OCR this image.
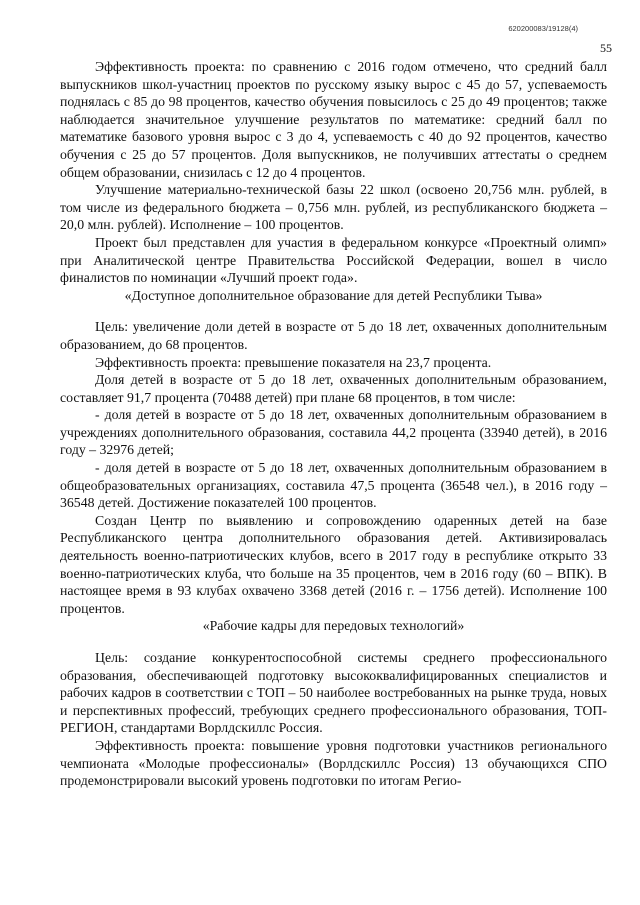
620200083/19128(4)
55

Эффективность проекта: по сравнению с 2016 годом отмечено, что средний балл выпускников школ-участниц проектов по русскому языку вырос с 45 до 57, успеваемость поднялась с 85 до 98 процентов, качество обучения повысилось с 25 до 49 процентов; также наблюдается значительное улучшение результатов по математике: средний балл по математике базового уровня вырос с 3 до 4, успеваемость с 40 до 92 процентов, качество обучения с 25 до 57 процентов. Доля выпускников, не получивших аттестаты о среднем общем образовании, снизилась с 12 до 4 процентов.

Улучшение материально-технической базы 22 школ (освоено 20,756 млн. рублей, в том числе из федерального бюджета – 0,756 млн. рублей, из республиканского бюджета – 20,0 млн. рублей). Исполнение – 100 процентов.

Проект был представлен для участия в федеральном конкурсе «Проектный олимп» при Аналитической центре Правительства Российской Федерации, вошел в число финалистов по номинации «Лучший проект года».

«Доступное дополнительное образование для детей Республики Тыва»

Цель: увеличение доли детей в возрасте от 5 до 18 лет, охваченных дополнительным образованием, до 68 процентов.

Эффективность проекта: превышение показателя на 23,7 процента.

Доля детей в возрасте от 5 до 18 лет, охваченных дополнительным образованием, составляет 91,7 процента (70488 детей) при плане 68 процентов, в том числе:

- доля детей в возрасте от 5 до 18 лет, охваченных дополнительным образованием в учреждениях дополнительного образования, составила 44,2 процента (33940 детей), в 2016 году – 32976 детей;

- доля детей в возрасте от 5 до 18 лет, охваченных дополнительным образованием в общеобразовательных организациях, составила 47,5 процента (36548 чел.), в 2016 году – 36548 детей. Достижение показателей 100 процентов.

Создан Центр по выявлению и сопровождению одаренных детей на базе Республиканского центра дополнительного образования детей. Активизировалась деятельность военно-патриотических клубов, всего в 2017 году в республике открыто 33 военно-патриотических клуба, что больше на 35 процентов, чем в 2016 году (60 – ВПК). В настоящее время в 93 клубах охвачено 3368 детей (2016 г. – 1756 детей). Исполнение 100 процентов.

«Рабочие кадры для передовых технологий»

Цель: создание конкурентоспособной системы среднего профессионального образования, обеспечивающей подготовку высококвалифицированных специалистов и рабочих кадров в соответствии с ТОП – 50 наиболее востребованных на рынке труда, новых и перспективных профессий, требующих среднего профессионального образования, ТОП-РЕГИОН, стандартами Ворлдскиллс Россия.

Эффективность проекта: повышение уровня подготовки участников регионального чемпионата «Молодые профессионалы» (Ворлдскиллс Россия) 13 обучающихся СПО продемонстрировали высокий уровень подготовки по итогам Регио-
